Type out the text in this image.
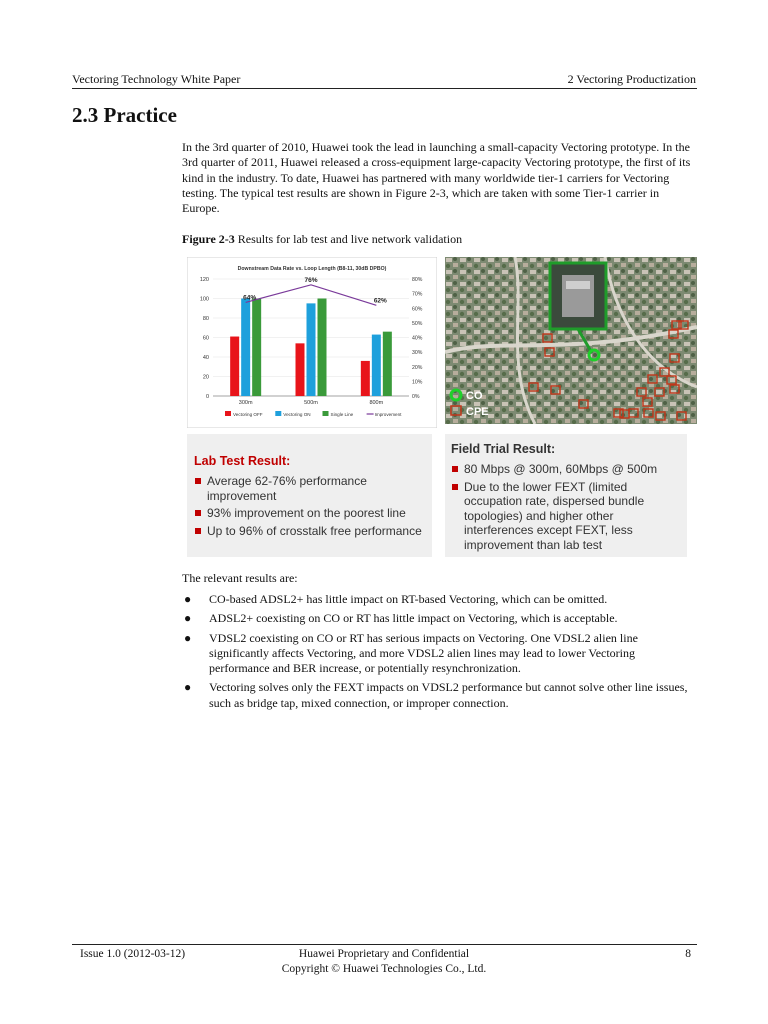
Vectoring Technology White Paper	2 Vectoring Productization
2.3 Practice
In the 3rd quarter of 2010, Huawei took the lead in launching a small-capacity Vectoring prototype. In the 3rd quarter of 2011, Huawei released a cross-equipment large-capacity Vectoring prototype, the first of its kind in the industry. To date, Huawei has partnered with many worldwide tier-1 carriers for Vectoring testing. The typical test results are shown in Figure 2-3, which are taken with some Tier-1 carrier in Europe.
Figure 2-3 Results for lab test and live network validation
Downstream Data Rate vs. Loop Length (B8-11, 30dB DPBO)
0
20
40
60
80
100
120
0%
10%
20%
30%
40%
50%
60%
70%
80%
300m	500m	800m
64%
76%
62%
Vectoring OFF	Vectoring ON	Single Line	Improvement
CO
CPE
Lab Test Result:
Average 62-76% performance improvement
93% improvement on the poorest line
Up to 96% of crosstalk free performance
Field Trial Result:
80 Mbps @ 300m, 60Mbps @ 500m
Due to the lower FEXT (limited occupation rate, dispersed bundle topologies) and higher other interferences except FEXT, less improvement than lab test
The relevant results are:
● CO-based ADSL2+ has little impact on RT-based Vectoring, which can be omitted.
● ADSL2+ coexisting on CO or RT has little impact on Vectoring, which is acceptable.
● VDSL2 coexisting on CO or RT has serious impacts on Vectoring. One VDSL2 alien line significantly affects Vectoring, and more VDSL2 alien lines may lead to lower Vectoring performance and BER increase, or potentially resynchronization.
● Vectoring solves only the FEXT impacts on VDSL2 performance but cannot solve other line issues, such as bridge tap, mixed connection, or improper connection.
Issue 1.0 (2012-03-12)	Huawei Proprietary and Confidential
Copyright © Huawei Technologies Co., Ltd.
8
